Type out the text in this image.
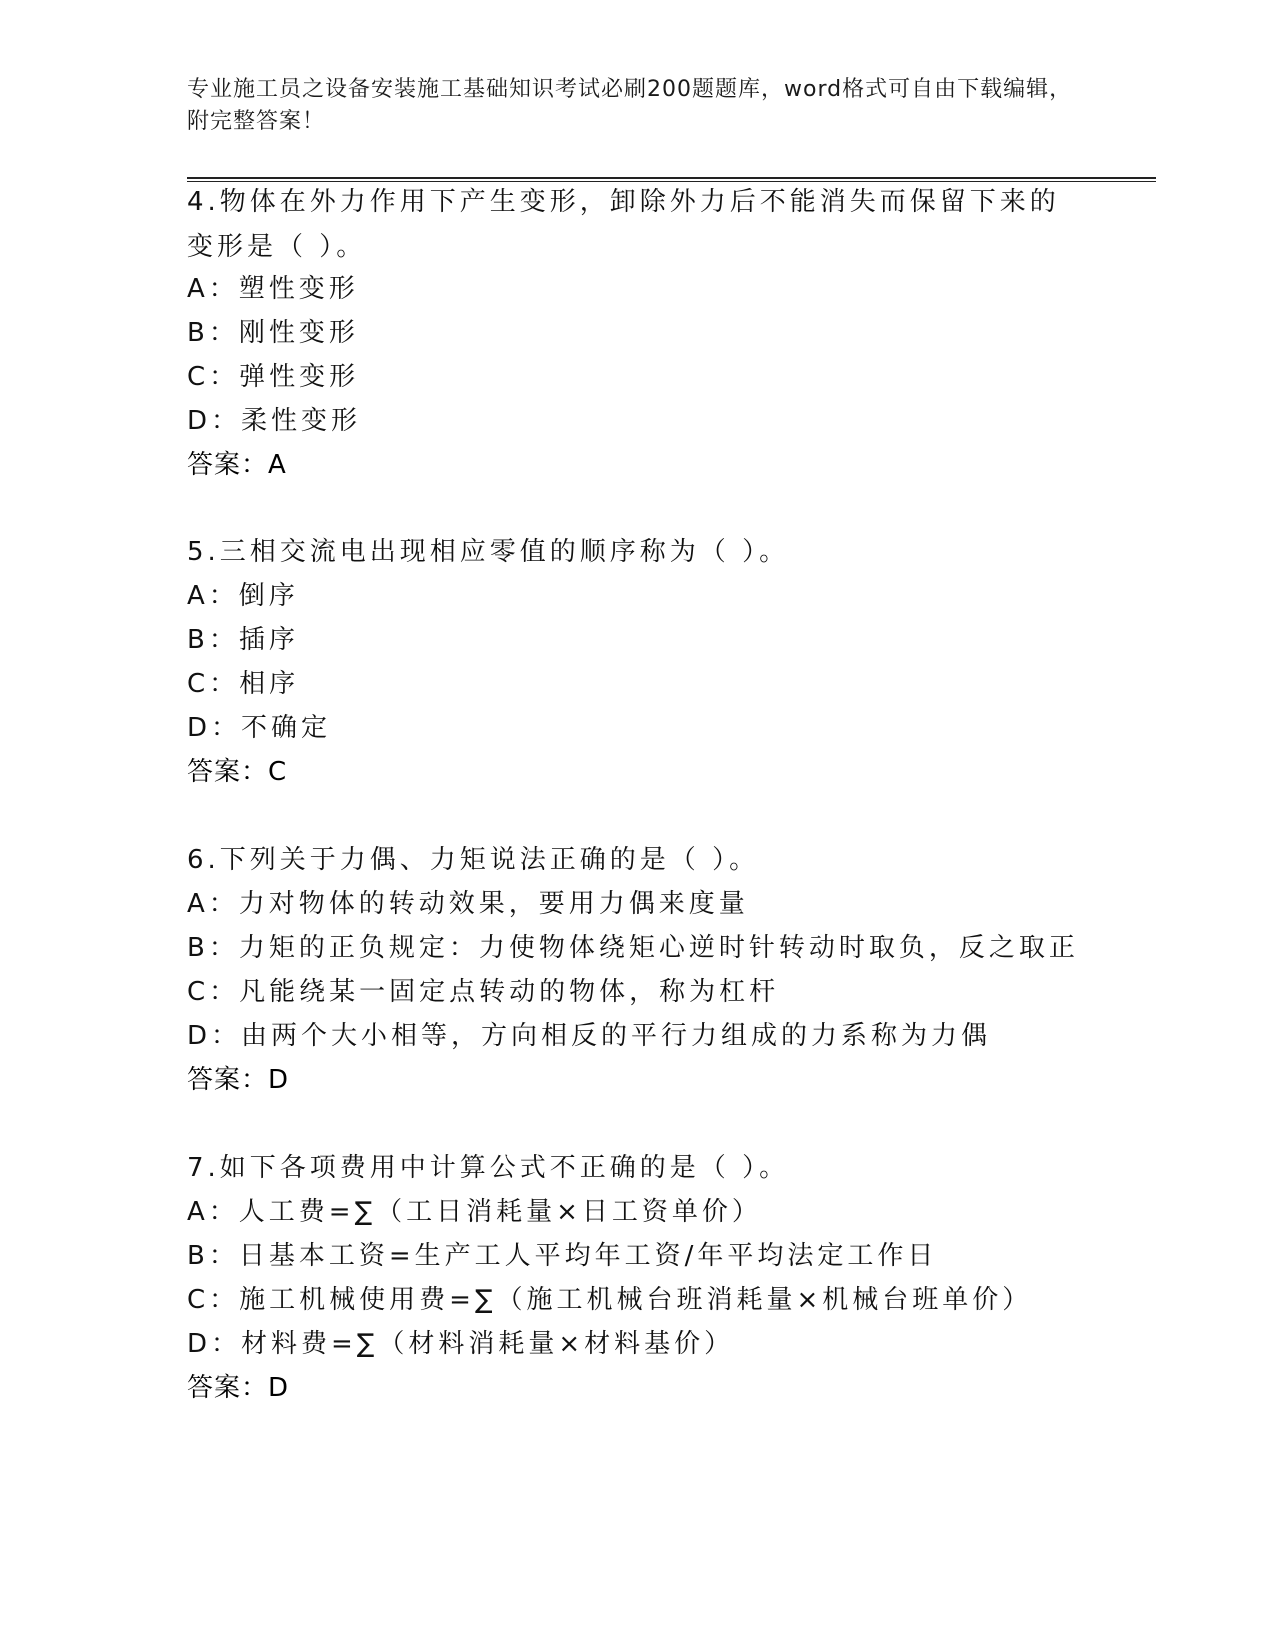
专业施工员之设备安装施工基础知识考试必刷200题题库，word格式可自由下载编辑，附完整答案！
4.物体在外力作用下产生变形，卸除外力后不能消失而保留下来的变形是（ ）。
A：塑性变形
B：刚性变形
C：弹性变形
D：柔性变形
答案：A
5.三相交流电出现相应零值的顺序称为（ ）。
A：倒序
B：插序
C：相序
D：不确定
答案：C
6.下列关于力偶、力矩说法正确的是（ ）。
A：力对物体的转动效果，要用力偶来度量
B：力矩的正负规定：力使物体绕矩心逆时针转动时取负，反之取正
C：凡能绕某一固定点转动的物体，称为杠杆
D：由两个大小相等，方向相反的平行力组成的力系称为力偶
答案：D
7.如下各项费用中计算公式不正确的是（ ）。
A：人工费=∑（工日消耗量×日工资单价）
B：日基本工资=生产工人平均年工资/年平均法定工作日
C：施工机械使用费=∑（施工机械台班消耗量×机械台班单价）
D：材料费=∑（材料消耗量×材料基价）
答案：D
